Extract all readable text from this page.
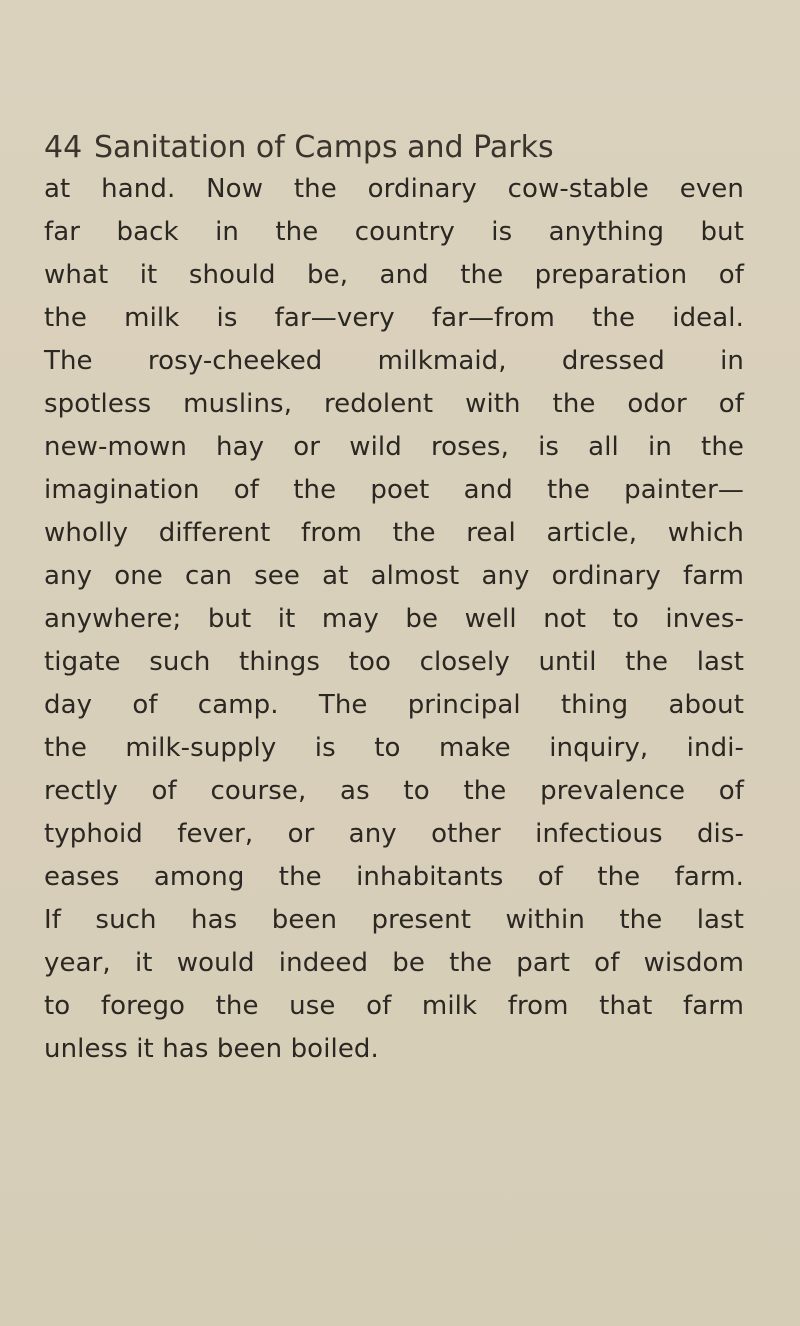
44 Sanitation of Camps and Parks
at hand. Now the ordinary cow-stable even
far back in the country is anything but
what it should be, and the preparation of
the milk is far—very far—from the ideal.
The rosy-cheeked milkmaid, dressed in
spotless muslins, redolent with the odor of
new-mown hay or wild roses, is all in the
imagination of the poet and the painter—
wholly different from the real article, which
any one can see at almost any ordinary farm
anywhere; but it may be well not to inves-
tigate such things too closely until the last
day of camp. The principal thing about
the milk-supply is to make inquiry, indi-
rectly of course, as to the prevalence of
typhoid fever, or any other infectious dis-
eases among the inhabitants of the farm.
If such has been present within the last
year, it would indeed be the part of wisdom
to forego the use of milk from that farm
unless it has been boiled.
